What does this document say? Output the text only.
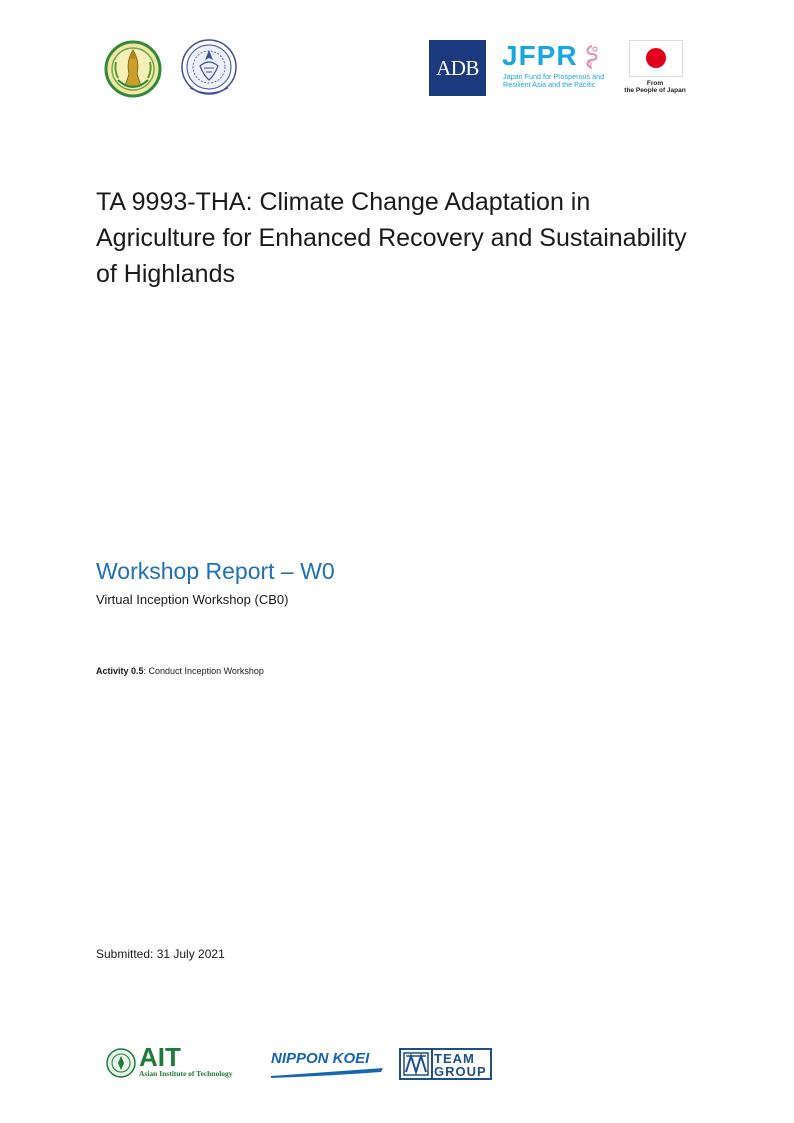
ADB JFPR
Japan Fund for Prosperous and
Resilient Asia and the Pacific	From
the People of Japan
TA 9993-THA: Climate Change Adaptation in Agriculture for Enhanced Recovery and Sustainability of Highlands
Workshop Report – W0
Virtual Inception Workshop (CB0)
Activity 0.5: Conduct Inception Workshop
Submitted: 31 July 2021
AIT
Asian Institute of Technology
NIPPON KOEI	TEAM
GROUP
